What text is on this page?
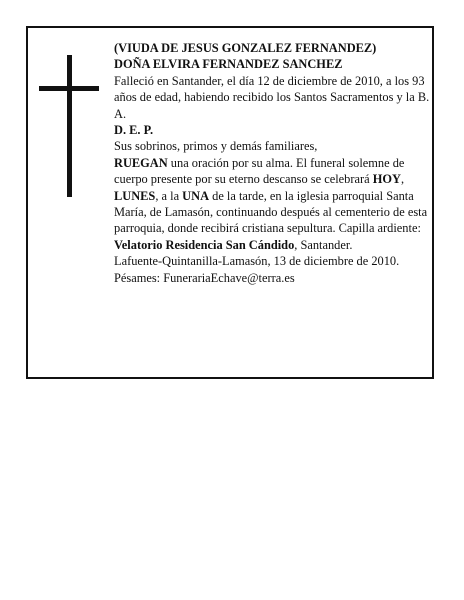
(VIUDA DE JESUS GONZALEZ FERNANDEZ)

DOÑA ELVIRA FERNANDEZ SANCHEZ

Falleció en Santander, el día 12 de diciembre de 2010, a los 93 años de edad, habiendo recibido los Santos Sacramentos y la B. A.

D. E. P.

Sus sobrinos, primos y demás familiares,

RUEGAN una oración por su alma. El funeral solemne de cuerpo presente por su eterno descanso se celebrará HOY, LUNES, a la UNA de la tarde, en la iglesia parroquial Santa María, de Lamasón, continuando después al cementerio de esta parroquia, donde recibirá cristiana sepultura. Capilla ardiente: Velatorio Residencia San Cándido, Santander.

Lafuente-Quintanilla-Lamasón, 13 de diciembre de 2010.

Pésames: FunerariaEchave@terra.es
